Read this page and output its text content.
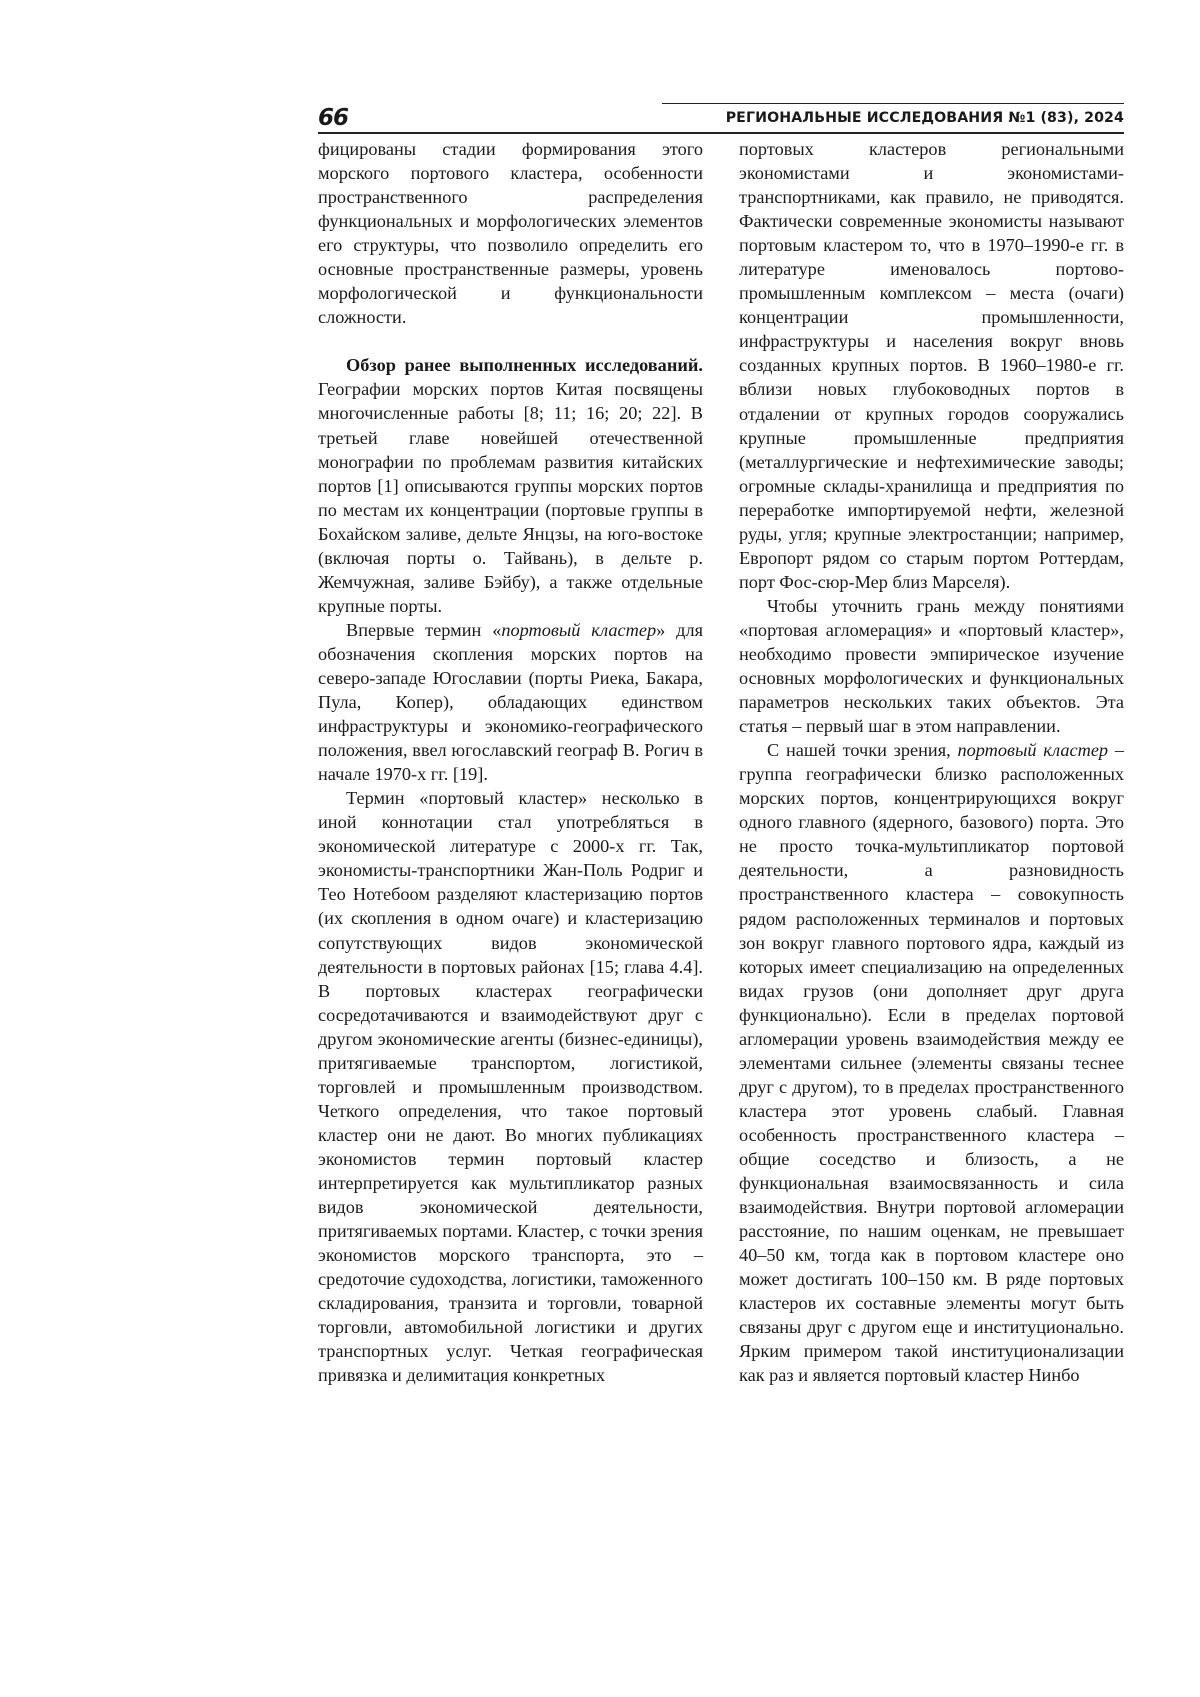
66	РЕГИОНАЛЬНЫЕ ИССЛЕДОВАНИЯ №1 (83), 2024

фицированы стадии формирования этого морского портового кластера, особенности пространственного распределения функциональных и морфологических элементов его структуры, что позволило определить его основные пространственные размеры, уровень морфологической и функциональности сложности.

Обзор ранее выполненных исследований. Географии морских портов Китая посвящены многочисленные работы [8; 11; 16; 20; 22]. В третьей главе новейшей отечественной монографии по проблемам развития китайских портов [1] описываются группы морских портов по местам их концентрации (портовые группы в Бохайском заливе, дельте Янцзы, на юго-востоке (включая порты о. Тайвань), в дельте р. Жемчужная, заливе Бэйбу), а также отдельные крупные порты.

Впервые термин «портовый кластер» для обозначения скопления морских портов на северо-западе Югославии (порты Риека, Бакара, Пула, Копер), обладающих единством инфраструктуры и экономико-географического положения, ввел югославский географ В. Рогич в начале 1970-х гг. [19].

Термин «портовый кластер» несколько в иной коннотации стал употребляться в экономической литературе с 2000-х гг. Так, экономисты-транспортники Жан-Поль Родриг и Тео Нотебоом разделяют кластеризацию портов (их скопления в одном очаге) и кластеризацию сопутствующих видов экономической деятельности в портовых районах [15; глава 4.4]. В портовых кластерах географически сосредотачиваются и взаимодействуют друг с другом экономические агенты (бизнес-единицы), притягиваемые транспортом, логистикой, торговлей и промышленным производством. Четкого определения, что такое портовый кластер они не дают. Во многих публикациях экономистов термин портовый кластер интерпретируется как мультипликатор разных видов экономической деятельности, притягиваемых портами. Кластер, с точки зрения экономистов морского транспорта, это – средоточие судоходства, логистики, таможенного складирования, транзита и торговли, товарной торговли, автомобильной логистики и других транспортных услуг. Четкая географическая привязка и делимитация конкретных

портовых кластеров региональными экономистами и экономистами-транспортниками, как правило, не приводятся. Фактически современные экономисты называют портовым кластером то, что в 1970–1990-е гг. в литературе именовалось портово-промышленным комплексом – места (очаги) концентрации промышленности, инфраструктуры и населения вокруг вновь созданных крупных портов. В 1960–1980-е гг. вблизи новых глубоководных портов в отдалении от крупных городов сооружались крупные промышленные предприятия (металлургические и нефтехимические заводы; огромные склады-хранилища и предприятия по переработке импортируемой нефти, железной руды, угля; крупные электростанции; например, Европорт рядом со старым портом Роттердам, порт Фос-сюр-Мер близ Марселя).

Чтобы уточнить грань между понятиями «портовая агломерация» и «портовый кластер», необходимо провести эмпирическое изучение основных морфологических и функциональных параметров нескольких таких объектов. Эта статья – первый шаг в этом направлении.

С нашей точки зрения, портовый кластер – группа географически близко расположенных морских портов, концентрирующихся вокруг одного главного (ядерного, базового) порта. Это не просто точка-мультипликатор портовой деятельности, а разновидность пространственного кластера – совокупность рядом расположенных терминалов и портовых зон вокруг главного портового ядра, каждый из которых имеет специализацию на определенных видах грузов (они дополняет друг друга функционально). Если в пределах портовой агломерации уровень взаимодействия между ее элементами сильнее (элементы связаны теснее друг с другом), то в пределах пространственного кластера этот уровень слабый. Главная особенность пространственного кластера – общие соседство и близость, а не функциональная взаимосвязанность и сила взаимодействия. Внутри портовой агломерации расстояние, по нашим оценкам, не превышает 40–50 км, тогда как в портовом кластере оно может достигать 100–150 км. В ряде портовых кластеров их составные элементы могут быть связаны друг с другом еще и институционально. Ярким примером такой институционализации как раз и является портовый кластер Нинбо
